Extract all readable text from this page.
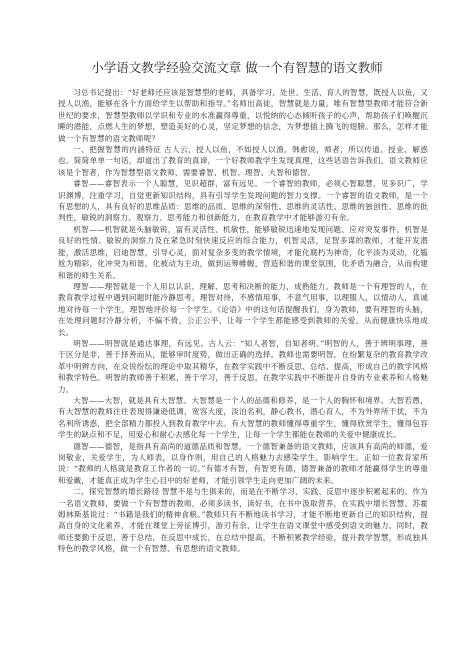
小学语文教学经验交流文章 做一个有智慧的语文教师

习总书记提出：“好老师还应该是智慧型的老师，具备学习、处世、生活、育人的智慧，既授人以鱼，又授人以渔，能够在各个方面给学生以帮助和指导。”名师出高徒，智慧就是力量。唯有智慧型教师才能符合新世纪的要求，智慧型教师以学识和专业的水准赢得尊重，以悦纳的心态倾听孩子的心声，帮助孩子们唤醒沉睡的潜能，点燃人生的梦想，塑造美好的心灵，坚定梦想的信念，为梦想插上腾飞的翅膀。那么，怎样才能做一个有智慧的语文教师呢？

一、把握智慧的内涵特征 古人云，授人以鱼，不如授人以渔。韩愈说，师者，所以传道、授业、解惑也。简简单单一句话，却道出了教育的真谛，一个好教师教学生发现真理，这些话语告诉我们，语文教师应该是个智者，作为智慧型语文教师，需要睿智、机智、理智、大智和德智。

睿智——睿智表示一个人聪慧，见识超群，富有远见。一个睿智的教师，必须心智聪慧，见多识广，学识渊博，注重学习，自觉更新知识结构，具有引导学生发现问题的智力支撑。一个睿智的语文教师，是一个有思想的人，具有良好的思维品质：思维的品质、思维的深刻性、思维的灵活性、思维的独创性、思维的批判性，敏锐的洞察力、观察力、思考能力和创新能力，在教育教学中才能够游刃有余。

机智——机智就是头脑敏锐，富有灵活性、机敏性，能够敏锐迅速地发现问题、应对突发事件。机智是良好的性情、敏锐的洞察力及在紧急时刻快速反应的综合能力，机智灵活，足智多谋的教师，才能开发潜能，激活思维，启迪智慧，引导心灵，面对复杂多变的教学情境，才能化腐朽为神奇，化平淡为灵动，化尴尬为精彩，化冲突为和谐，化被动为主动，做到运筹帷幄，营造和谐的课堂氛围，化矛盾为融合，从而构建和谐的师生关系。

理智——理智就是一个人用以认识、理解、思考和决断的能力，成熟能力。教师是一个有理智的人，在教育教学过程中遇到问题时能冷静思考，理智对待，不感情用事，不意气用事，以理服人，以情动人，真诚地对待每一个学生，理智地评价每一个学生。《论语》中的这句话提醒我们，身为教师，要有理智的头脑，在处理问题时冷静分析，不偏不倚，公正公平，让每一个学生都能感受到教师的关爱，从而健康快乐地成长。

明智——明智就是通达事理，有远见。古人云：“知人者智，自知者明。”明智的人，善于辨明事理，善于区分是非，善于择善而从，能够审时度势，做出正确的选择。教师也需要明智，在纷繁复杂的教育教学改革中明辨方向，在众说纷纭的理论中取其精华，在教学实践中不断反思、总结、提高，形成自己的教学风格和教学特色。明智的教师善于积累，善于学习，善于反思，在教学实践中不断提升自身的专业素养和人格魅力。

大智——大智，就是具有大智慧。大智慧是一个人的品德和修养，是一个人的胸怀和境界。大智若愚，有大智慧的教师往往表现得谦逊低调，宽容大度，淡泊名利，静心教书，潜心育人，不为外界所干扰，不为名利所诱惑，把全部精力都投入到教育教学中去。有大智慧的教师懂得尊重学生，懂得欣赏学生，懂得包容学生的缺点和不足，用爱心和耐心去感化每一个学生，让每一个学生都能在教师的关爱中健康成长。

德智——德智，是指具有高尚的道德品质和智慧。一个德智兼备的语文教师，应该具有高尚的师德，爱岗敬业，关爱学生，为人师表，以身作则，用自己的人格魅力去感染学生，影响学生。正如一位教育家所说：“教师的人格就是教育工作者的一切。”有德才有智，有智更有德，德智兼备的教师才能赢得学生的尊重和爱戴，才能真正成为学生心目中的好老师，才能引领学生走向更加广阔的未来。

二、探究智慧的增长路径 智慧不是与生俱来的，而是在不断学习、实践、反思中逐步积累起来的。作为一名语文教师，要做一个有智慧的教师，必须多读书，读好书，在书中汲取营养，在实践中增长智慧。苏霍姆林斯基说过：“书籍是我们的精神食粮。”教师只有不断地读书学习，才能不断地更新自己的知识结构，提高自身的文化素养，才能在课堂上旁征博引，游刃有余，让学生在语文课堂中感受到语文的魅力。同时，教师还要勤于反思，善于总结，在反思中成长，在总结中提高，不断积累教学经验，提升教学智慧，形成独具特色的教学风格，做一个有智慧、有思想的语文教师。
